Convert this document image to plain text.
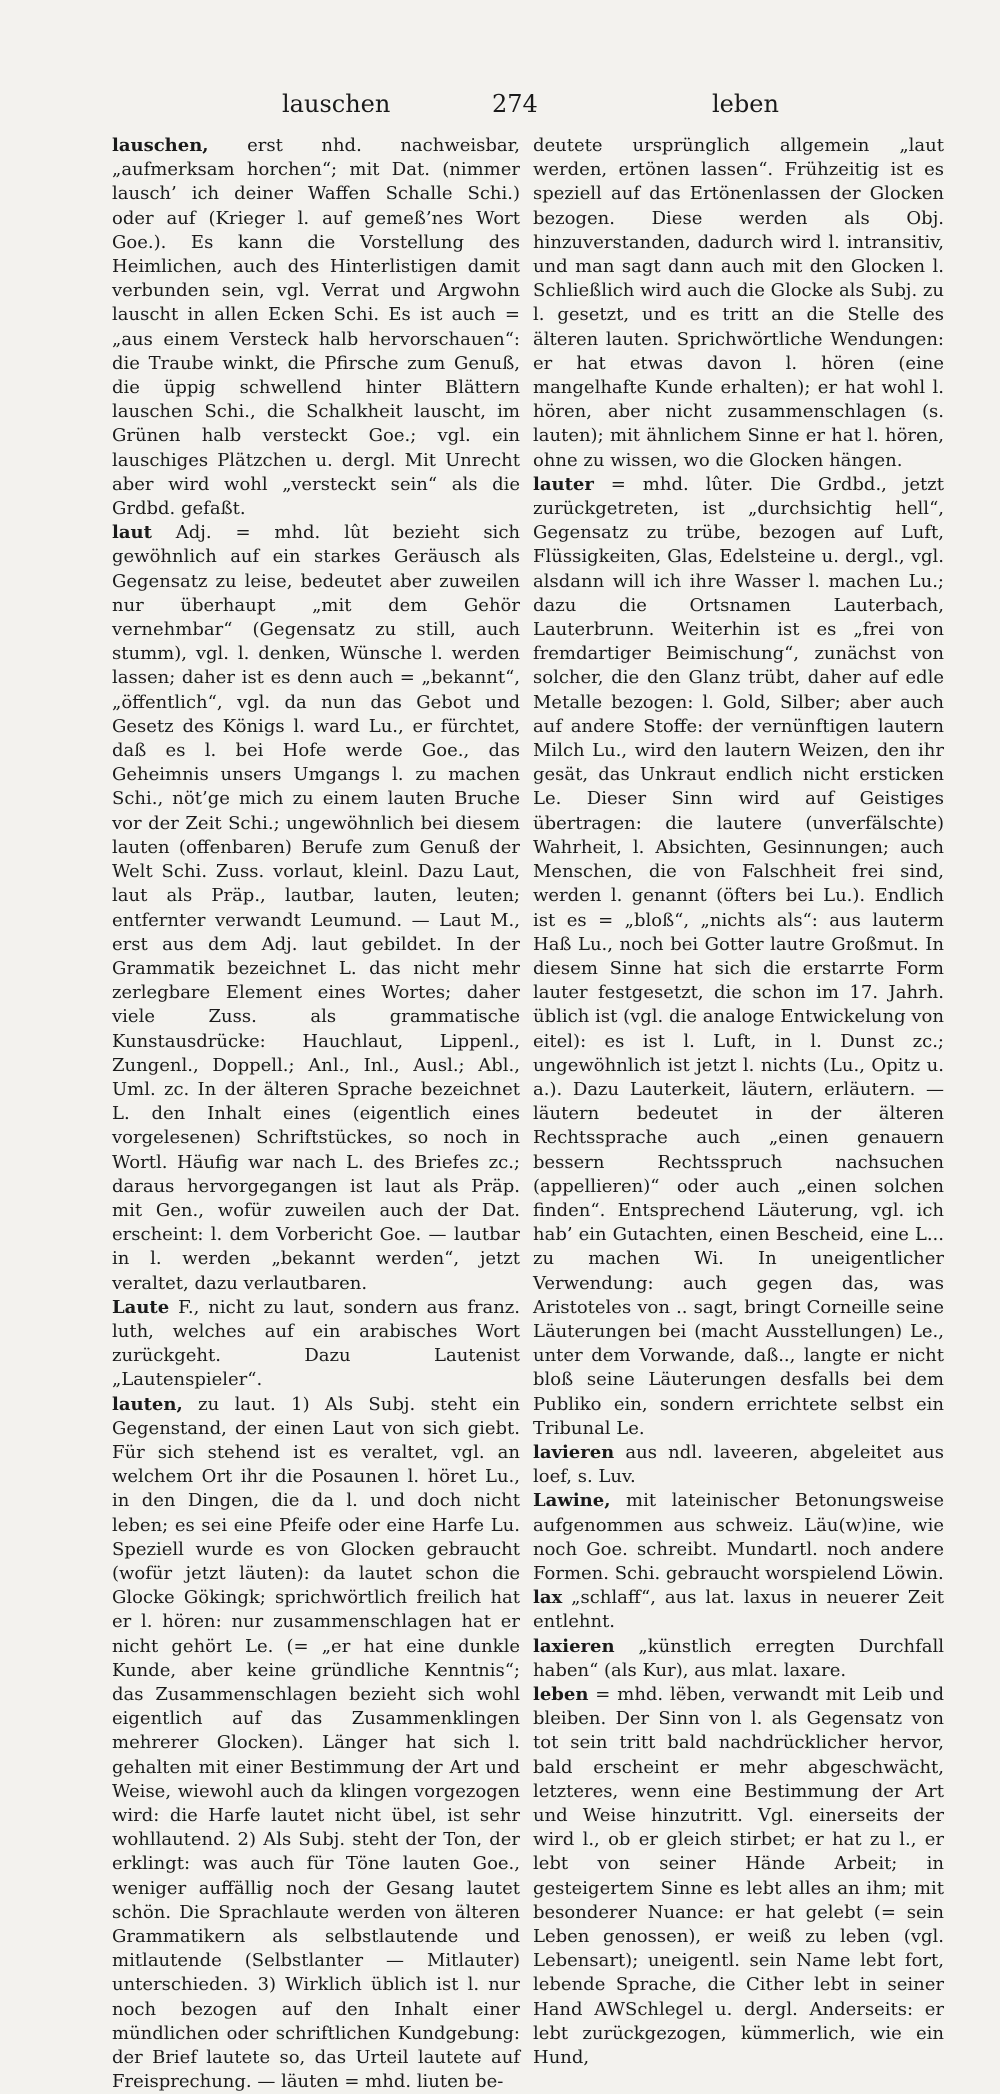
lauschen	274	leben

lauschen, erst nhd. nachweisbar, „aufmerksam horchen“; mit Dat. (nimmer lausch’ ich deiner Waffen Schalle Schi.) oder auf (Krieger l. auf gemeß’nes Wort Goe.). Es kann die Vorstellung des Heimlichen, auch des Hinterlistigen damit verbunden sein, vgl. Verrat und Argwohn lauscht in allen Ecken Schi. Es ist auch = „aus einem Versteck halb hervorschauen“: die Traube winkt, die Pfirsche zum Genuß, die üppig schwellend hinter Blättern lauschen Schi., die Schalkheit lauscht, im Grünen halb versteckt Goe.; vgl. ein lauschiges Plätzchen u. dergl. Mit Unrecht aber wird wohl „versteckt sein“ als die Grdbd. gefaßt.

laut Adj. = mhd. lût bezieht sich gewöhnlich auf ein starkes Geräusch als Gegensatz zu leise, bedeutet aber zuweilen nur überhaupt „mit dem Gehör vernehmbar“ (Gegensatz zu still, auch stumm), vgl. l. denken, Wünsche l. werden lassen; daher ist es denn auch = „bekannt“, „öffentlich“, vgl. da nun das Gebot und Gesetz des Königs l. ward Lu., er fürchtet, daß es l. bei Hofe werde Goe., das Geheimnis unsers Umgangs l. zu machen Schi., nöt’ge mich zu einem lauten Bruche vor der Zeit Schi.; ungewöhnlich bei diesem lauten (offenbaren) Berufe zum Genuß der Welt Schi. Zuss. vorlaut, kleinl. Dazu Laut, laut als Präp., lautbar, lauten, leuten; entfernter verwandt Leumund. — Laut M., erst aus dem Adj. laut gebildet. In der Grammatik bezeichnet L. das nicht mehr zerlegbare Element eines Wortes; daher viele Zuss. als grammatische Kunstausdrücke: Hauchlaut, Lippenl., Zungenl., Doppell.; Anl., Inl., Ausl.; Abl., Uml. zc. In der älteren Sprache bezeichnet L. den Inhalt eines (eigentlich eines vorgelesenen) Schriftstückes, so noch in Wortl. Häufig war nach L. des Briefes zc.; daraus hervorgegangen ist laut als Präp. mit Gen., wofür zuweilen auch der Dat. erscheint: l. dem Vorbericht Goe. — lautbar in l. werden „bekannt werden“, jetzt veraltet, dazu verlautbaren.

Laute F., nicht zu laut, sondern aus franz. luth, welches auf ein arabisches Wort zurückgeht. Dazu Lautenist „Lautenspieler“.

lauten, zu laut. 1) Als Subj. steht ein Gegenstand, der einen Laut von sich giebt. Für sich stehend ist es veraltet, vgl. an welchem Ort ihr die Posaunen l. höret Lu., in den Dingen, die da l. und doch nicht leben; es sei eine Pfeife oder eine Harfe Lu. Speziell wurde es von Glocken gebraucht (wofür jetzt läuten): da lautet schon die Glocke Gökingk; sprichwörtlich freilich hat er l. hören: nur zusammenschlagen hat er nicht gehört Le. (= „er hat eine dunkle Kunde, aber keine gründliche Kenntnis“; das Zusammenschlagen bezieht sich wohl eigentlich auf das Zusammenklingen mehrerer Glocken). Länger hat sich l. gehalten mit einer Bestimmung der Art und Weise, wiewohl auch da klingen vorgezogen wird: die Harfe lautet nicht übel, ist sehr wohllautend. 2) Als Subj. steht der Ton, der erklingt: was auch für Töne lauten Goe., weniger auffällig noch der Gesang lautet schön. Die Sprachlaute werden von älteren Grammatikern als selbstlautende und mitlautende (Selbstlanter — Mitlauter) unterschieden. 3) Wirklich üblich ist l. nur noch bezogen auf den Inhalt einer mündlichen oder schriftlichen Kundgebung: der Brief lautete so, das Urteil lautete auf Freisprechung. — läuten = mhd. liuten be-

deutete ursprünglich allgemein „laut werden, ertönen lassen“. Frühzeitig ist es speziell auf das Ertönenlassen der Glocken bezogen. Diese werden als Obj. hinzuverstanden, dadurch wird l. intransitiv, und man sagt dann auch mit den Glocken l. Schließlich wird auch die Glocke als Subj. zu l. gesetzt, und es tritt an die Stelle des älteren lauten. Sprichwörtliche Wendungen: er hat etwas davon l. hören (eine mangelhafte Kunde erhalten); er hat wohl l. hören, aber nicht zusammenschlagen (s. lauten); mit ähnlichem Sinne er hat l. hören, ohne zu wissen, wo die Glocken hängen.

lauter = mhd. lûter. Die Grdbd., jetzt zurückgetreten, ist „durchsichtig hell“, Gegensatz zu trübe, bezogen auf Luft, Flüssigkeiten, Glas, Edelsteine u. dergl., vgl. alsdann will ich ihre Wasser l. machen Lu.; dazu die Ortsnamen Lauterbach, Lauterbrunn. Weiterhin ist es „frei von fremdartiger Beimischung“, zunächst von solcher, die den Glanz trübt, daher auf edle Metalle bezogen: l. Gold, Silber; aber auch auf andere Stoffe: der vernünftigen lautern Milch Lu., wird den lautern Weizen, den ihr gesät, das Unkraut endlich nicht ersticken Le. Dieser Sinn wird auf Geistiges übertragen: die lautere (unverfälschte) Wahrheit, l. Absichten, Gesinnungen; auch Menschen, die von Falschheit frei sind, werden l. genannt (öfters bei Lu.). Endlich ist es = „bloß“, „nichts als“: aus lauterm Haß Lu., noch bei Gotter lautre Großmut. In diesem Sinne hat sich die erstarrte Form lauter festgesetzt, die schon im 17. Jahrh. üblich ist (vgl. die analoge Entwickelung von eitel): es ist l. Luft, in l. Dunst zc.; ungewöhnlich ist jetzt l. nichts (Lu., Opitz u. a.). Dazu Lauterkeit, läutern, erläutern. — läutern bedeutet in der älteren Rechtssprache auch „einen genauern bessern Rechtsspruch nachsuchen (appellieren)“ oder auch „einen solchen finden“. Entsprechend Läuterung, vgl. ich hab’ ein Gutachten, einen Bescheid, eine L... zu machen Wi. In uneigentlicher Verwendung: auch gegen das, was Aristoteles von .. sagt, bringt Corneille seine Läuterungen bei (macht Ausstellungen) Le., unter dem Vorwande, daß.., langte er nicht bloß seine Läuterungen desfalls bei dem Publiko ein, sondern errichtete selbst ein Tribunal Le.

lavieren aus ndl. laveeren, abgeleitet aus loef, s. Luv.

Lawine, mit lateinischer Betonungsweise aufgenommen aus schweiz. Läu(w)ine, wie noch Goe. schreibt. Mundartl. noch andere Formen. Schi. gebraucht worspielend Löwin.

lax „schlaff“, aus lat. laxus in neuerer Zeit entlehnt.

laxieren „künstlich erregten Durchfall haben“ (als Kur), aus mlat. laxare.

leben = mhd. lëben, verwandt mit Leib und bleiben. Der Sinn von l. als Gegensatz von tot sein tritt bald nachdrücklicher hervor, bald erscheint er mehr abgeschwächt, letzteres, wenn eine Bestimmung der Art und Weise hinzutritt. Vgl. einerseits der wird l., ob er gleich stirbet; er hat zu l., er lebt von seiner Hände Arbeit; in gesteigertem Sinne es lebt alles an ihm; mit besonderer Nuance: er hat gelebt (= sein Leben genossen), er weiß zu leben (vgl. Lebensart); uneigentl. sein Name lebt fort, lebende Sprache, die Cither lebt in seiner Hand AWSchlegel u. dergl. Anderseits: er lebt zurückgezogen, kümmerlich, wie ein Hund,
